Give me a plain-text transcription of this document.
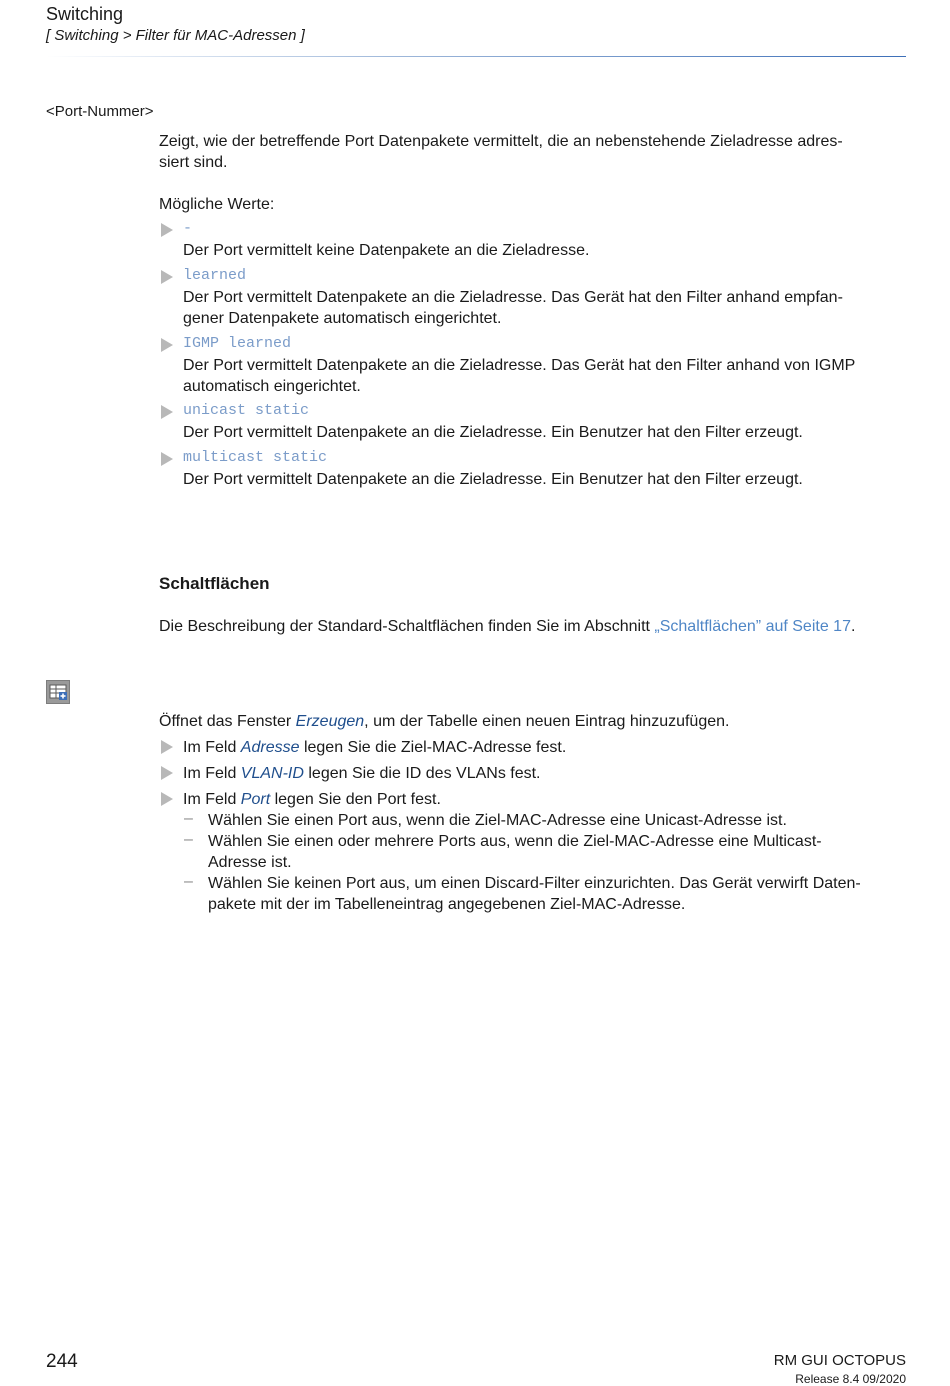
Switching
[ Switching > Filter für MAC-Adressen ]
<Port-Nummer>
Zeigt, wie der betreffende Port Datenpakete vermittelt, die an nebenstehende Zieladresse adres-
siert sind.
Mögliche Werte:
-
Der Port vermittelt keine Datenpakete an die Zieladresse.
learned
Der Port vermittelt Datenpakete an die Zieladresse. Das Gerät hat den Filter anhand empfan-
gener Datenpakete automatisch eingerichtet.
IGMP learned
Der Port vermittelt Datenpakete an die Zieladresse. Das Gerät hat den Filter anhand von IGMP
automatisch eingerichtet.
unicast static
Der Port vermittelt Datenpakete an die Zieladresse. Ein Benutzer hat den Filter erzeugt.
multicast static
Der Port vermittelt Datenpakete an die Zieladresse. Ein Benutzer hat den Filter erzeugt.
Schaltflächen
Die Beschreibung der Standard-Schaltflächen finden Sie im Abschnitt „Schaltflächen” auf Seite 17.
Öffnet das Fenster Erzeugen, um der Tabelle einen neuen Eintrag hinzuzufügen.
Im Feld Adresse legen Sie die Ziel-MAC-Adresse fest.
Im Feld VLAN-ID legen Sie die ID des VLANs fest.
Im Feld Port legen Sie den Port fest.
– Wählen Sie einen Port aus, wenn die Ziel-MAC-Adresse eine Unicast-Adresse ist.
– Wählen Sie einen oder mehrere Ports aus, wenn die Ziel-MAC-Adresse eine Multicast-
Adresse ist.
– Wählen Sie keinen Port aus, um einen Discard-Filter einzurichten. Das Gerät verwirft Daten-
pakete mit der im Tabelleneintrag angegebenen Ziel-MAC-Adresse.
244	RM GUI OCTOPUS
Release 8.4 09/2020
